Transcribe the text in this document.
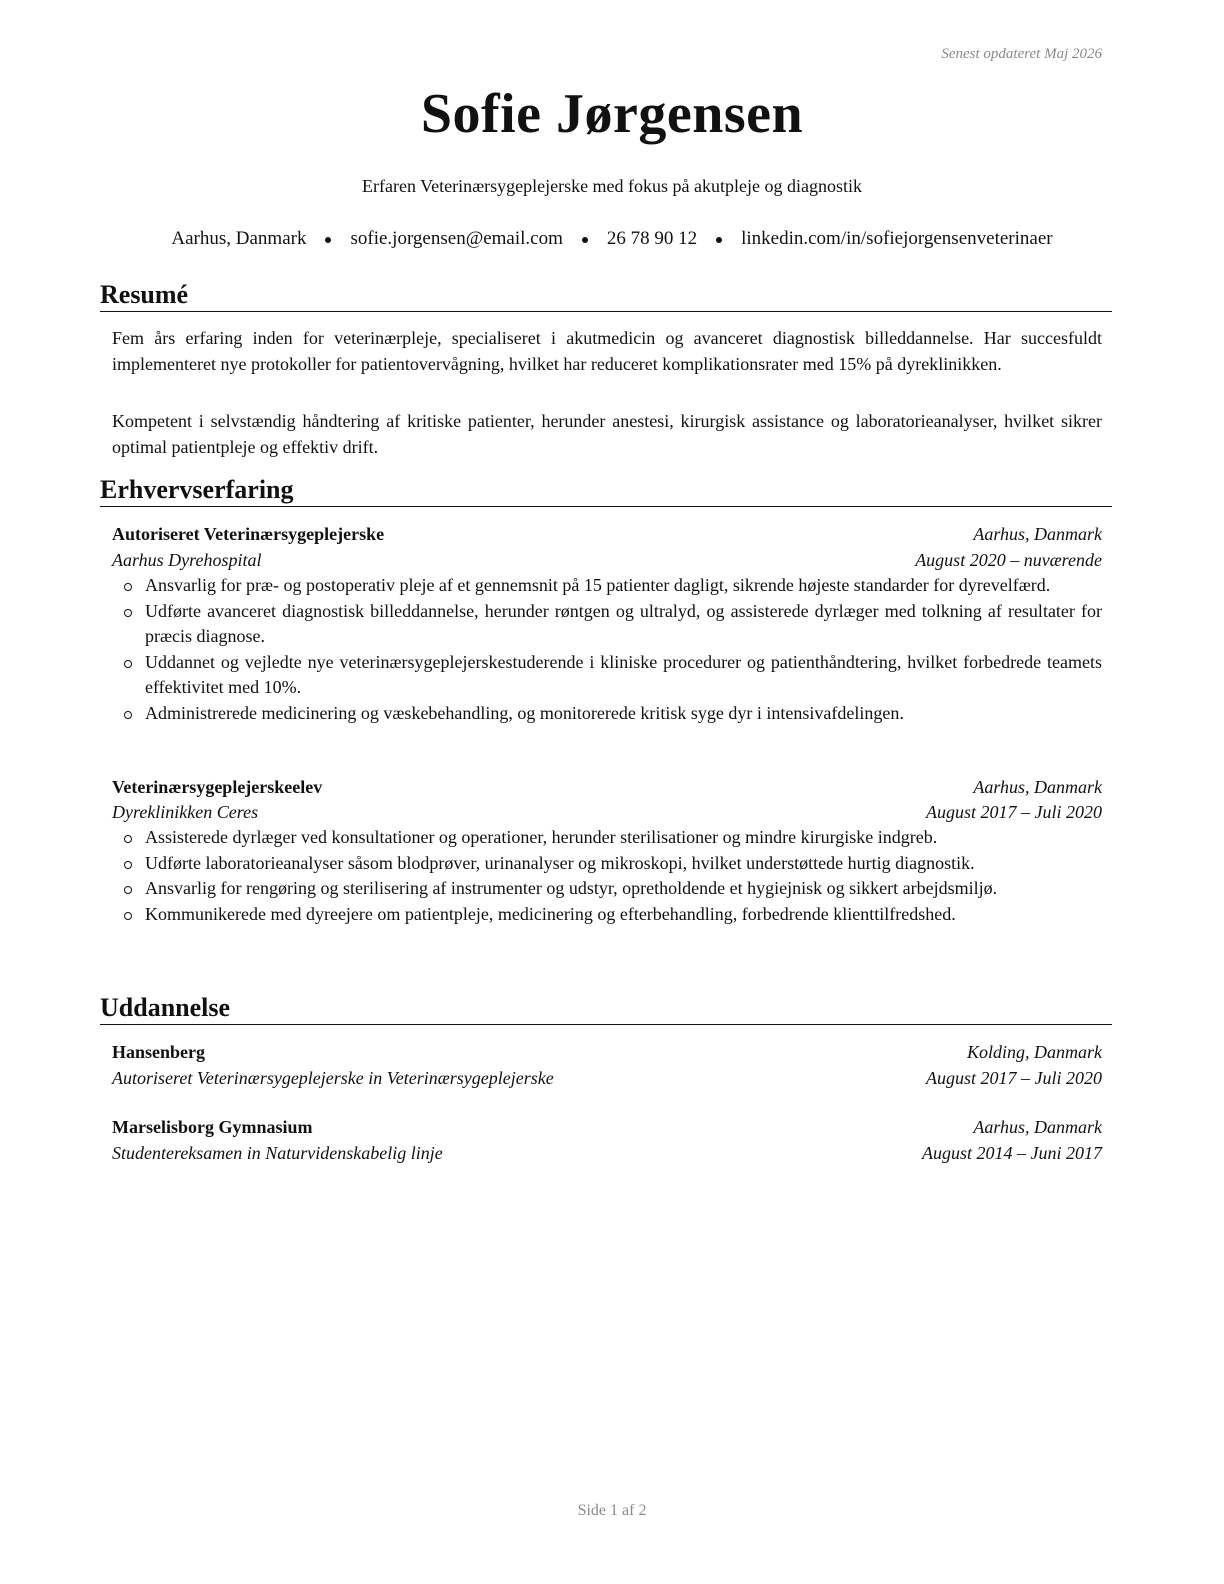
Senest opdateret Maj 2026
Sofie Jørgensen
Erfaren Veterinærsygeplejerske med fokus på akutpleje og diagnostik
Aarhus, Danmark sofie.jorgensen@email.com 26 78 90 12 linkedin.com/in/sofiejorgensenveterinaer
Resumé

Fem års erfaring inden for veterinærpleje, specialiseret i akutmedicin og avanceret diagnostisk billeddannelse. Har succesfuldt implementeret nye protokoller for patientovervågning, hvilket har reduceret komplikationsrater med 15% på dyreklinikken.

Kompetent i selvstændig håndtering af kritiske patienter, herunder anestesi, kirurgisk assistance og laboratorieanalyser, hvilket sikrer optimal patientpleje og effektiv drift.

Erhvervserfaring
Autoriseret Veterinærsygeplejerske	Aarhus, Danmark
Aarhus Dyrehospital	August 2020 – nuværende
Ansvarlig for præ- og postoperativ pleje af et gennemsnit på 15 patienter dagligt, sikrende højeste standarder for dyrevelfærd.
Udførte avanceret diagnostisk billeddannelse, herunder røntgen og ultralyd, og assisterede dyrlæger med tolkning af resultater for præcis diagnose.
Uddannet og vejledte nye veterinærsygeplejerskestuderende i kliniske procedurer og patienthåndtering, hvilket forbedrede teamets effektivitet med 10%.
Administrerede medicinering og væskebehandling, og monitorerede kritisk syge dyr i intensivafdelingen.
Veterinærsygeplejerskeelev	Aarhus, Danmark
Dyreklinikken Ceres	August 2017 – Juli 2020
Assisterede dyrlæger ved konsultationer og operationer, herunder sterilisationer og mindre kirurgiske indgreb.
Udførte laboratorieanalyser såsom blodprøver, urinanalyser og mikroskopi, hvilket understøttede hurtig diagnostik.
Ansvarlig for rengøring og sterilisering af instrumenter og udstyr, opretholdende et hygiejnisk og sikkert arbejdsmiljø.
Kommunikerede med dyreejere om patientpleje, medicinering og efterbehandling, forbedrende klienttilfredshed.
Uddannelse
Hansenberg	Kolding, Danmark
Autoriseret Veterinærsygeplejerske in Veterinærsygeplejerske	August 2017 – Juli 2020
Marselisborg Gymnasium	Aarhus, Danmark
Studentereksamen in Naturvidenskabelig linje	August 2014 – Juni 2017
Side 1 af 2
